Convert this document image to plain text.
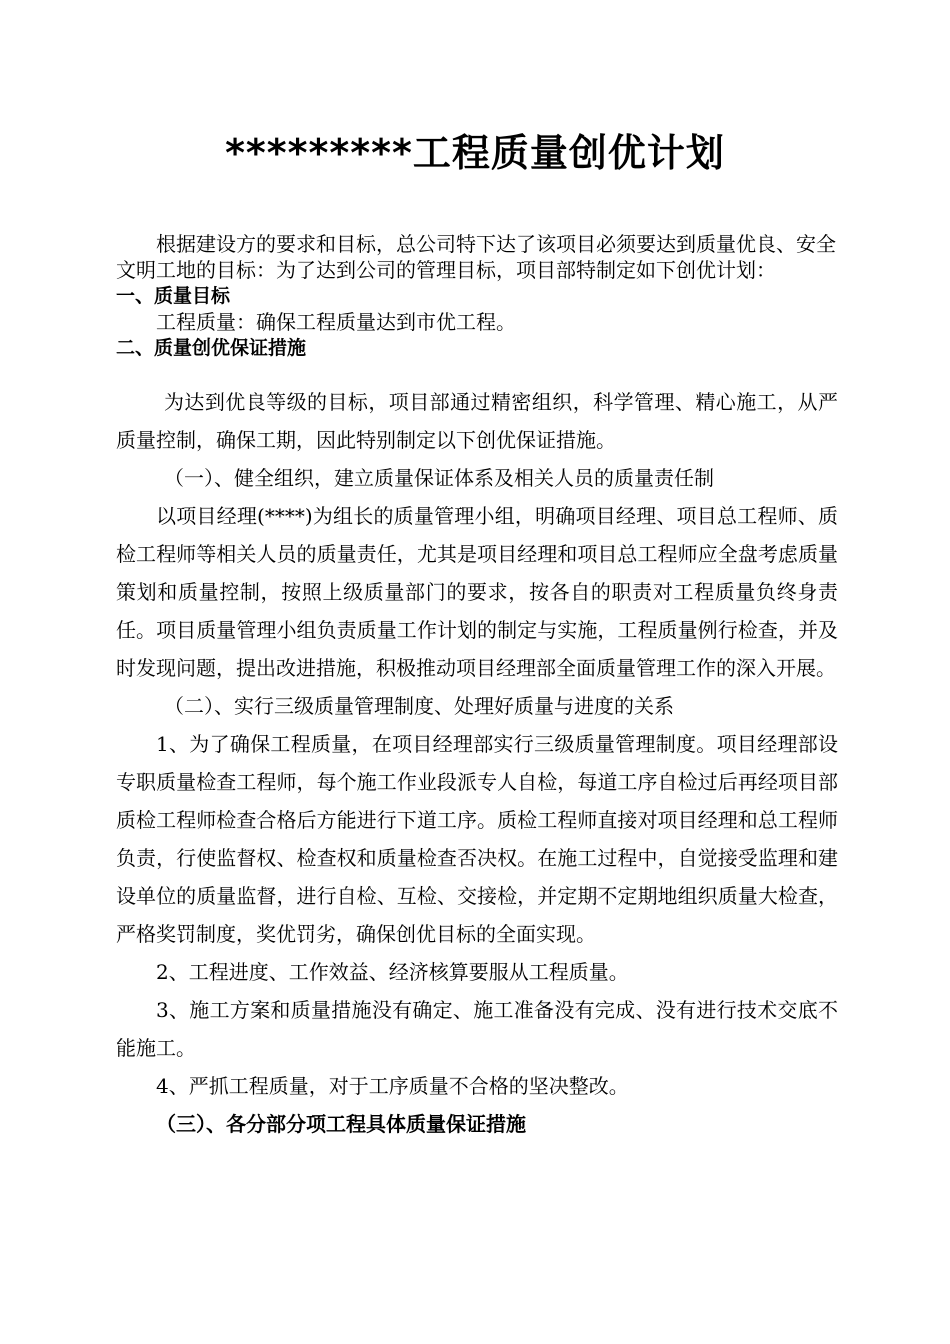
*********工程质量创优计划

根据建设方的要求和目标，总公司特下达了该项目必须要达到质量优良、安全文明工地的目标：为了达到公司的管理目标，项目部特制定如下创优计划：

一、质量目标

工程质量：确保工程质量达到市优工程。

二、质量创优保证措施

为达到优良等级的目标，项目部通过精密组织，科学管理、精心施工，从严质量控制，确保工期，因此特别制定以下创优保证措施。

（一）、健全组织，建立质量保证体系及相关人员的质量责任制

以项目经理(****)为组长的质量管理小组，明确项目经理、项目总工程师、质检工程师等相关人员的质量责任，尤其是项目经理和项目总工程师应全盘考虑质量策划和质量控制，按照上级质量部门的要求，按各自的职责对工程质量负终身责任。项目质量管理小组负责质量工作计划的制定与实施，工程质量例行检查，并及时发现问题，提出改进措施，积极推动项目经理部全面质量管理工作的深入开展。

（二）、实行三级质量管理制度、处理好质量与进度的关系

1、为了确保工程质量，在项目经理部实行三级质量管理制度。项目经理部设专职质量检查工程师，每个施工作业段派专人自检，每道工序自检过后再经项目部质检工程师检查合格后方能进行下道工序。质检工程师直接对项目经理和总工程师负责，行使监督权、检查权和质量检查否决权。在施工过程中，自觉接受监理和建设单位的质量监督，进行自检、互检、交接检，并定期不定期地组织质量大检查，严格奖罚制度，奖优罚劣，确保创优目标的全面实现。

2、工程进度、工作效益、经济核算要服从工程质量。

3、施工方案和质量措施没有确定、施工准备没有完成、没有进行技术交底不能施工。

4、严抓工程质量，对于工序质量不合格的坚决整改。

（三）、各分部分项工程具体质量保证措施
